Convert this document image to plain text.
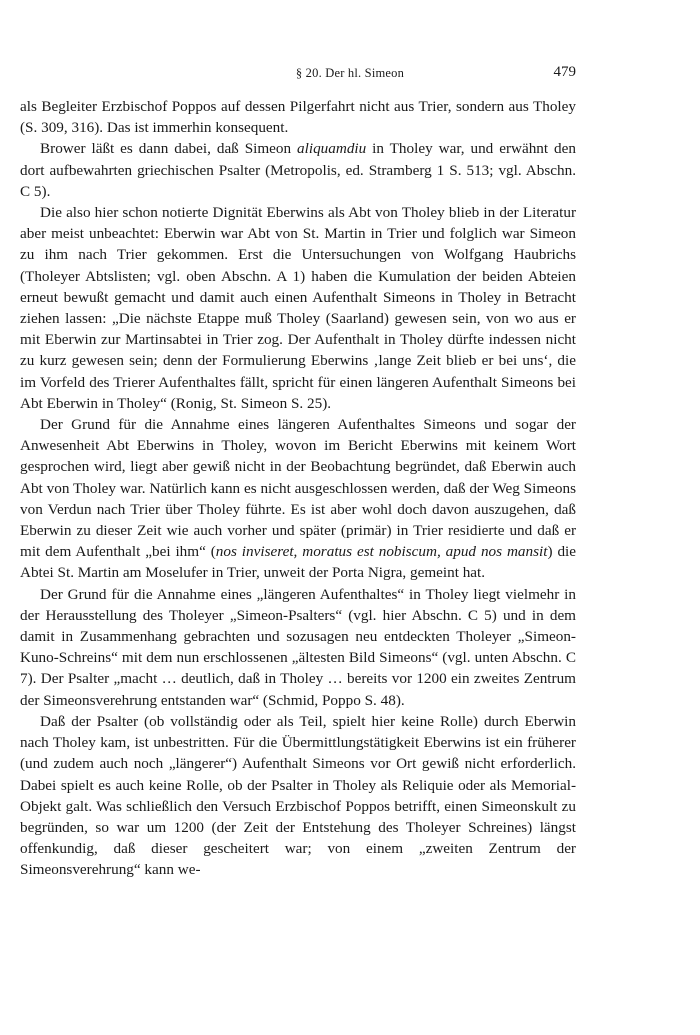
§ 20. Der hl. Simeon	479

als Begleiter Erzbischof Poppos auf dessen Pilgerfahrt nicht aus Trier, sondern aus Tholey (S. 309, 316). Das ist immerhin konsequent.

Brower läßt es dann dabei, daß Simeon aliquamdiu in Tholey war, und erwähnt den dort aufbewahrten griechischen Psalter (Metropolis, ed. Stramberg 1 S. 513; vgl. Abschn. C 5).

Die also hier schon notierte Dignität Eberwins als Abt von Tholey blieb in der Literatur aber meist unbeachtet: Eberwin war Abt von St. Martin in Trier und folglich war Simeon zu ihm nach Trier gekommen. Erst die Untersuchungen von Wolfgang Haubrichs (Tholeyer Abtslisten; vgl. oben Abschn. A 1) haben die Kumulation der beiden Abteien erneut bewußt gemacht und damit auch einen Aufenthalt Simeons in Tholey in Betracht ziehen lassen: „Die nächste Etappe muß Tholey (Saarland) gewesen sein, von wo aus er mit Eberwin zur Martinsabtei in Trier zog. Der Aufenthalt in Tholey dürfte indessen nicht zu kurz gewesen sein; denn der Formulierung Eberwins ‚lange Zeit blieb er bei uns‘, die im Vorfeld des Trierer Aufenthaltes fällt, spricht für einen längeren Aufenthalt Simeons bei Abt Eberwin in Tholey“ (Ronig, St. Simeon S. 25).

Der Grund für die Annahme eines längeren Aufenthaltes Simeons und sogar der Anwesenheit Abt Eberwins in Tholey, wovon im Bericht Eberwins mit keinem Wort gesprochen wird, liegt aber gewiß nicht in der Beobachtung begründet, daß Eberwin auch Abt von Tholey war. Natürlich kann es nicht ausgeschlossen werden, daß der Weg Simeons von Verdun nach Trier über Tholey führte. Es ist aber wohl doch davon auszugehen, daß Eberwin zu dieser Zeit wie auch vorher und später (primär) in Trier residierte und daß er mit dem Aufenthalt „bei ihm“ (nos inviseret, moratus est nobiscum, apud nos mansit) die Abtei St. Martin am Moselufer in Trier, unweit der Porta Nigra, gemeint hat.

Der Grund für die Annahme eines „längeren Aufenthaltes“ in Tholey liegt vielmehr in der Herausstellung des Tholeyer „Simeon-Psalters“ (vgl. hier Abschn. C 5) und in dem damit in Zusammenhang gebrachten und sozusagen neu entdeckten Tholeyer „Simeon-Kuno-Schreins“ mit dem nun erschlossenen „ältesten Bild Simeons“ (vgl. unten Abschn. C 7). Der Psalter „macht … deutlich, daß in Tholey … bereits vor 1200 ein zweites Zentrum der Simeonsverehrung entstanden war“ (Schmid, Poppo S. 48).

Daß der Psalter (ob vollständig oder als Teil, spielt hier keine Rolle) durch Eberwin nach Tholey kam, ist unbestritten. Für die Übermittlungstätigkeit Eberwins ist ein früherer (und zudem auch noch „längerer“) Aufenthalt Simeons vor Ort gewiß nicht erforderlich. Dabei spielt es auch keine Rolle, ob der Psalter in Tholey als Reliquie oder als Memorial-Objekt galt. Was schließlich den Versuch Erzbischof Poppos betrifft, einen Simeonskult zu begründen, so war um 1200 (der Zeit der Entstehung des Tholeyer Schreines) längst offenkundig, daß dieser gescheitert war; von einem „zweiten Zentrum der Simeonsverehrung“ kann we-
